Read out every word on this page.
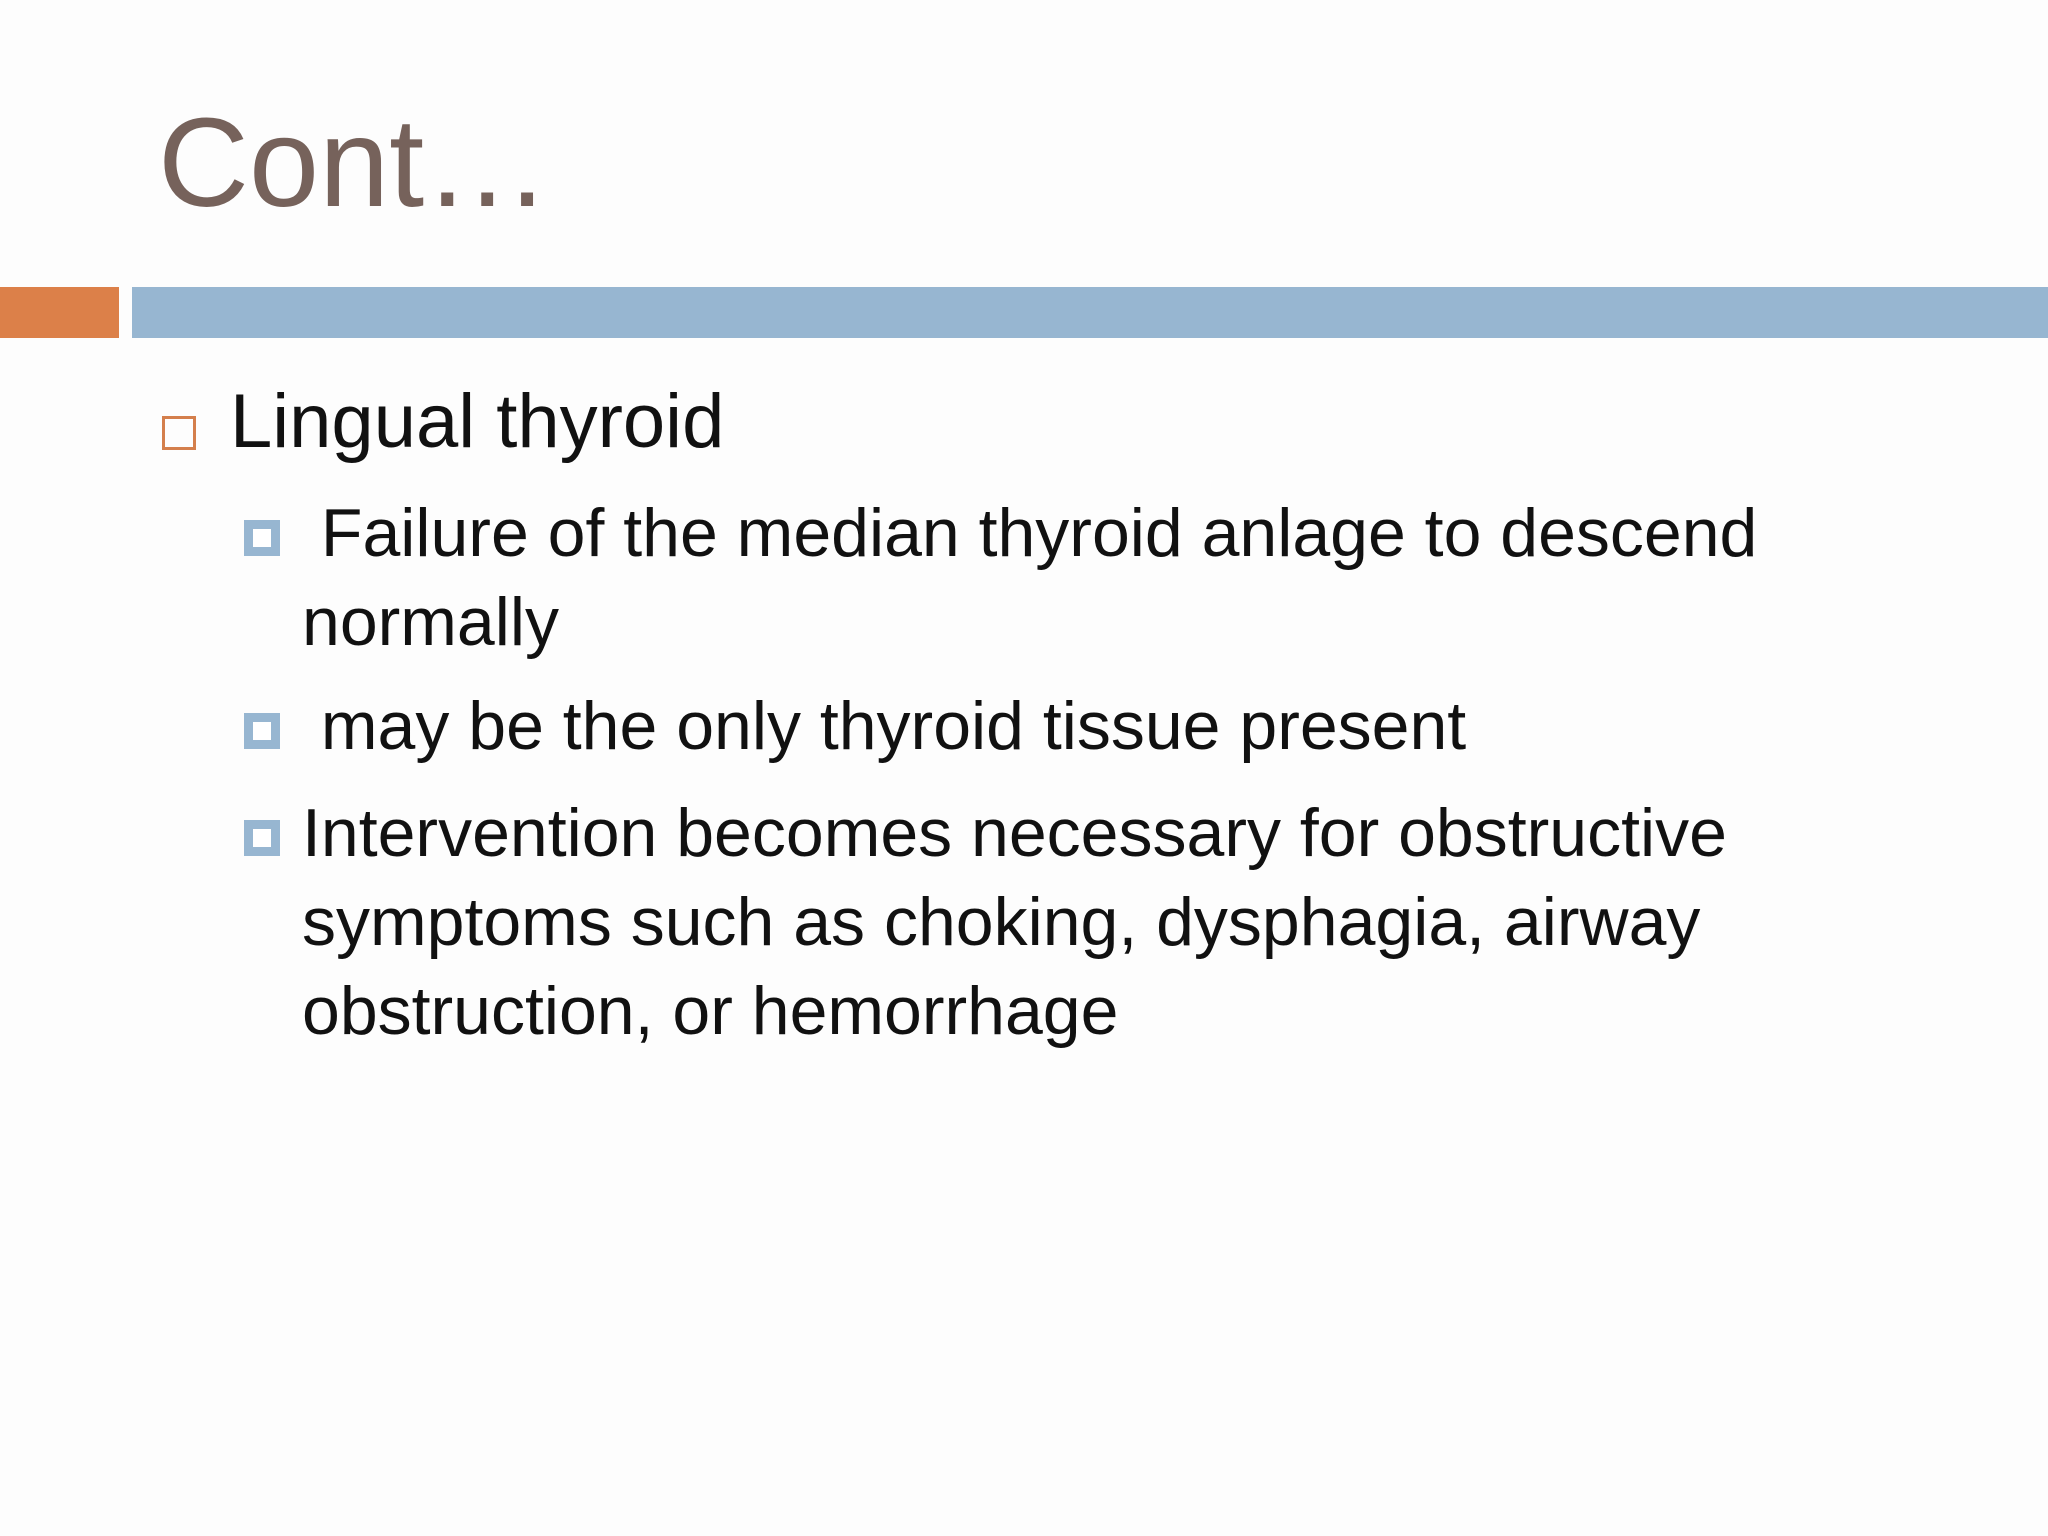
Cont…
Lingual thyroid
Failure of the median thyroid anlage to descend normally
may be the only thyroid tissue present
Intervention becomes necessary for obstructive symptoms such as choking, dysphagia, airway obstruction, or hemorrhage
